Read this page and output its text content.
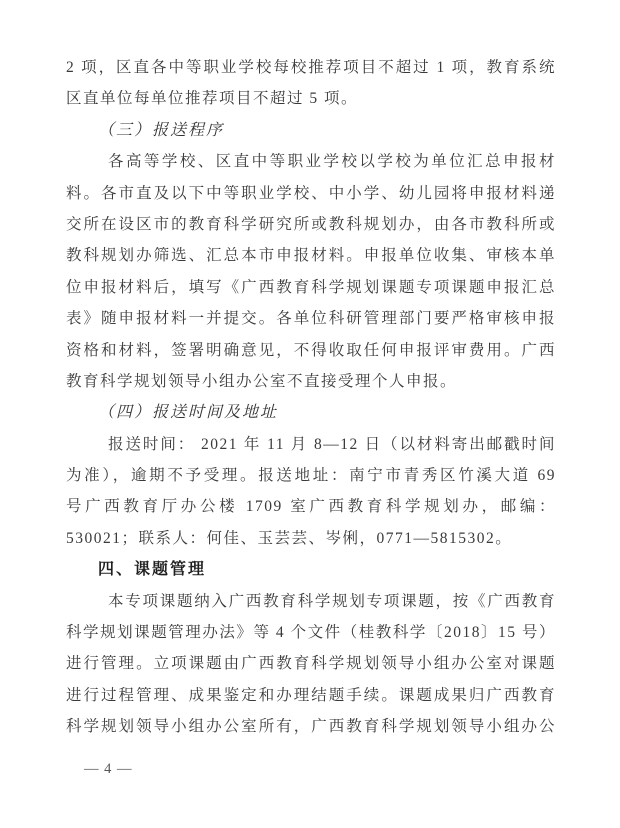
2 项，区直各中等职业学校每校推荐项目不超过 1 项，教育系统
区直单位每单位推荐项目不超过 5 项。
（三）报送程序
各高等学校、区直中等职业学校以学校为单位汇总申报材
料。各市直及以下中等职业学校、中小学、幼儿园将申报材料递
交所在设区市的教育科学研究所或教科规划办，由各市教科所或
教科规划办筛选、汇总本市申报材料。申报单位收集、审核本单
位申报材料后，填写《广西教育科学规划课题专项课题申报汇总
表》随申报材料一并提交。各单位科研管理部门要严格审核申报
资格和材料，签署明确意见，不得收取任何申报评审费用。广西
教育科学规划领导小组办公室不直接受理个人申报。
（四）报送时间及地址
报送时间： 2021 年 11 月 8—12 日（以材料寄出邮戳时间
为准），逾期不予受理。报送地址：南宁市青秀区竹溪大道 69
号广西教育厅办公楼 1709 室广西教育科学规划办，邮编：
530021；联系人：何佳、玉芸芸、岑俐，0771—5815302。
四、课题管理
本专项课题纳入广西教育科学规划专项课题，按《广西教育
科学规划课题管理办法》等 4 个文件（桂教科学〔2018〕15 号）
进行管理。立项课题由广西教育科学规划领导小组办公室对课题
进行过程管理、成果鉴定和办理结题手续。课题成果归广西教育
科学规划领导小组办公室所有，广西教育科学规划领导小组办公
— 4 —
